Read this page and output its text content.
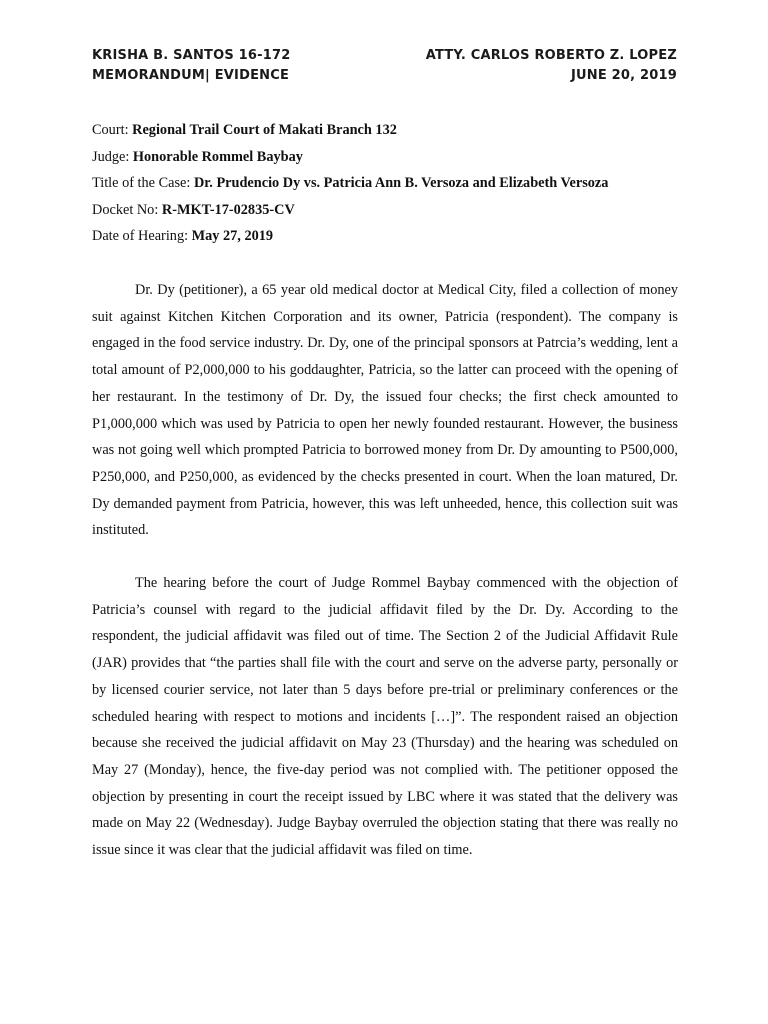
KRISHA B. SANTOS 16-172
MEMORANDUM| EVIDENCE
ATTY. CARLOS ROBERTO Z. LOPEZ
JUNE 20, 2019
Court: Regional Trail Court of Makati Branch 132
Judge: Honorable Rommel Baybay
Title of the Case: Dr. Prudencio Dy vs. Patricia Ann B. Versoza and Elizabeth Versoza
Docket No: R-MKT-17-02835-CV
Date of Hearing: May 27, 2019

Dr. Dy (petitioner), a 65 year old medical doctor at Medical City, filed a collection of money suit against Kitchen Kitchen Corporation and its owner, Patricia (respondent). The company is engaged in the food service industry. Dr. Dy, one of the principal sponsors at Patrcia’s wedding, lent a total amount of P2,000,000 to his goddaughter, Patricia, so the latter can proceed with the opening of her restaurant. In the testimony of Dr. Dy, the issued four checks; the first check amounted to P1,000,000 which was used by Patricia to open her newly founded restaurant. However, the business was not going well which prompted Patricia to borrowed money from Dr. Dy amounting to P500,000, P250,000, and P250,000, as evidenced by the checks presented in court. When the loan matured, Dr. Dy demanded payment from Patricia, however, this was left unheeded, hence, this collection suit was instituted.

The hearing before the court of Judge Rommel Baybay commenced with the objection of Patricia’s counsel with regard to the judicial affidavit filed by the Dr. Dy. According to the respondent, the judicial affidavit was filed out of time. The Section 2 of the Judicial Affidavit Rule (JAR) provides that “the parties shall file with the court and serve on the adverse party, personally or by licensed courier service, not later than 5 days before pre-trial or preliminary conferences or the scheduled hearing with respect to motions and incidents […]”. The respondent raised an objection because she received the judicial affidavit on May 23 (Thursday) and the hearing was scheduled on May 27 (Monday), hence, the five-day period was not complied with. The petitioner opposed the objection by presenting in court the receipt issued by LBC where it was stated that the delivery was made on May 22 (Wednesday). Judge Baybay overruled the objection stating that there was really no issue since it was clear that the judicial affidavit was filed on time.
